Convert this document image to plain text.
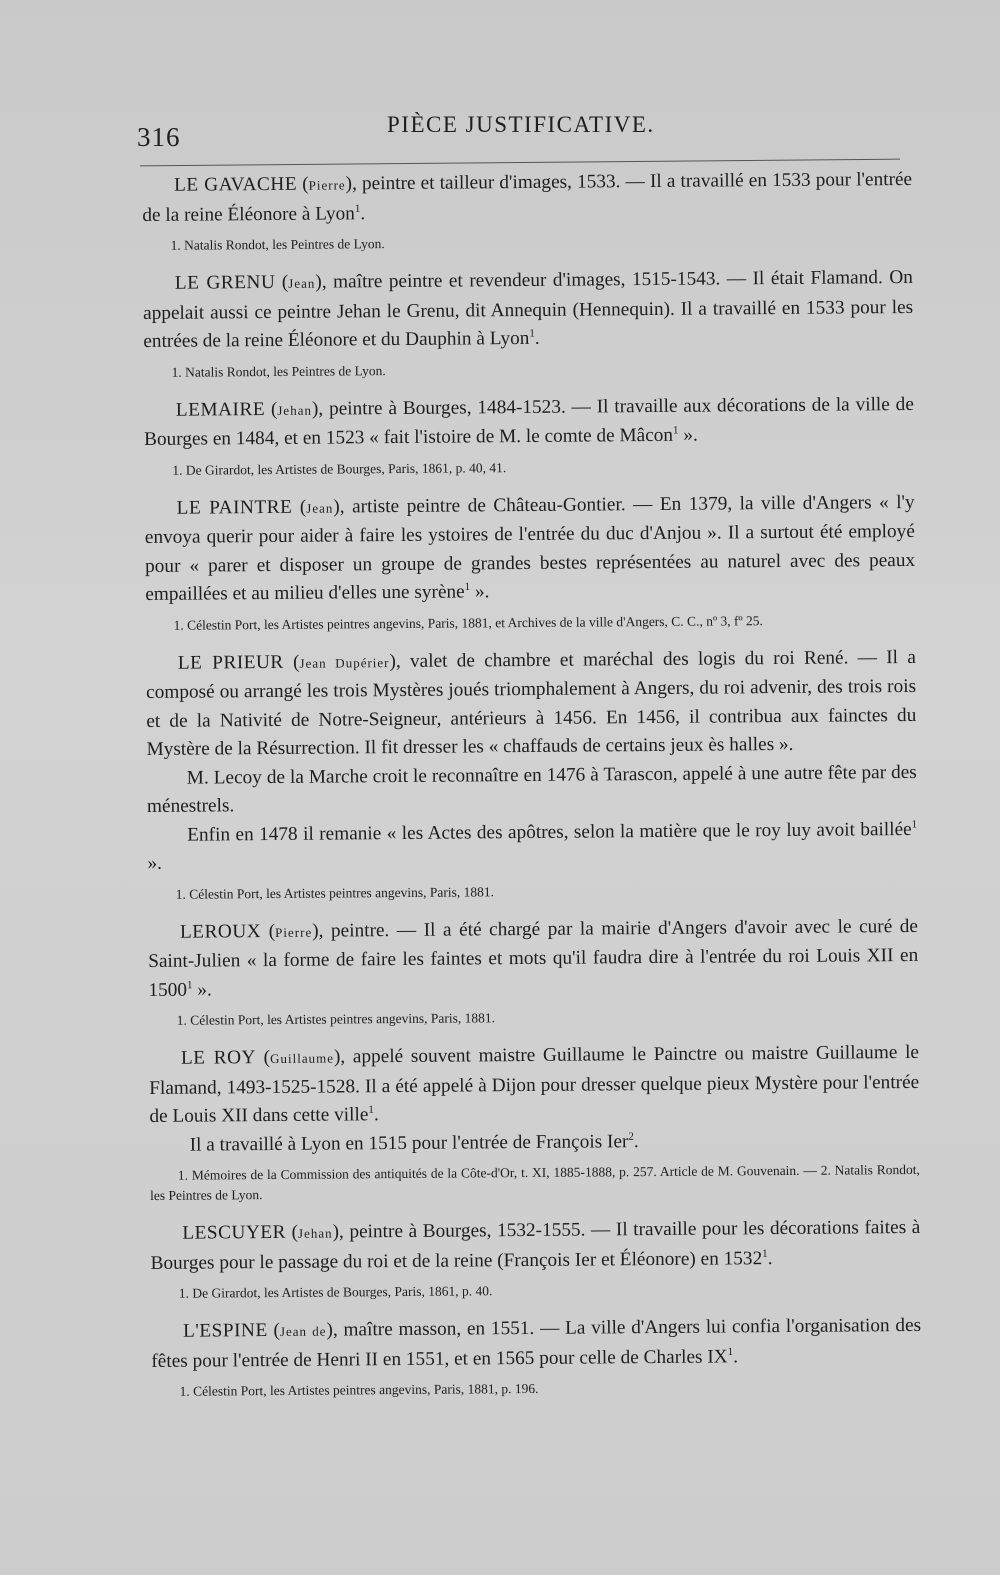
316	PIÈCE JUSTIFICATIVE.

LE GAVACHE (Pierre), peintre et tailleur d'images, 1533. — Il a travaillé en 1533 pour l'entrée de la reine Éléonore à Lyon$^1$.

1. Natalis Rondot, les Peintres de Lyon.

LE GRENU (Jean), maître peintre et revendeur d'images, 1515-1543. — Il était Flamand. On appelait aussi ce peintre Jehan le Grenu, dit Annequin (Hennequin). Il a travaillé en 1533 pour les entrées de la reine Éléonore et du Dauphin à Lyon$^1$.

1. Natalis Rondot, les Peintres de Lyon.

LEMAIRE (Jehan), peintre à Bourges, 1484-1523. — Il travaille aux décorations de la ville de Bourges en 1484, et en 1523 « fait l'istoire de M. le comte de Mâcon$^1$ ».

1. De Girardot, les Artistes de Bourges, Paris, 1861, p. 40, 41.

LE PAINTRE (Jean), artiste peintre de Château-Gontier. — En 1379, la ville d'Angers « l'y envoya querir pour aider à faire les ystoires de l'entrée du duc d'Anjou ». Il a surtout été employé pour « parer et disposer un groupe de grandes bestes représentées au naturel avec des peaux empaillées et au milieu d'elles une syrène$^1$ ».

1. Célestin Port, les Artistes peintres angevins, Paris, 1881, et Archives de la ville d'Angers, C. C., nº 3, fº 25.

LE PRIEUR (Jean Dupérier), valet de chambre et maréchal des logis du roi René. — Il a composé ou arrangé les trois Mystères joués triomphalement à Angers, du roi advenir, des trois rois et de la Nativité de Notre-Seigneur, antérieurs à 1456. En 1456, il contribua aux fainctes du Mystère de la Résurrection. Il fit dresser les « chaffauds de certains jeux ès halles ».

M. Lecoy de la Marche croit le reconnaître en 1476 à Tarascon, appelé à une autre fête par des ménestrels.

Enfin en 1478 il remanie « les Actes des apôtres, selon la matière que le roy luy avoit baillée$^1$ ».

1. Célestin Port, les Artistes peintres angevins, Paris, 1881.

LEROUX (Pierre), peintre. — Il a été chargé par la mairie d'Angers d'avoir avec le curé de Saint-Julien « la forme de faire les faintes et mots qu'il faudra dire à l'entrée du roi Louis XII en 1500$^1$ ».

1. Célestin Port, les Artistes peintres angevins, Paris, 1881.

LE ROY (Guillaume), appelé souvent maistre Guillaume le Painctre ou maistre Guillaume le Flamand, 1493-1525-1528. Il a été appelé à Dijon pour dresser quelque pieux Mystère pour l'entrée de Louis XII dans cette ville$^1$.

Il a travaillé à Lyon en 1515 pour l'entrée de François Ier$^2$.

1. Mémoires de la Commission des antiquités de la Côte-d'Or, t. XI, 1885-1888, p. 257. Article de M. Gouvenain. — 2. Natalis Rondot, les Peintres de Lyon.

LESCUYER (Jehan), peintre à Bourges, 1532-1555. — Il travaille pour les décorations faites à Bourges pour le passage du roi et de la reine (François Ier et Éléonore) en 1532$^1$.

1. De Girardot, les Artistes de Bourges, Paris, 1861, p. 40.

L'ESPINE (Jean de), maître masson, en 1551. — La ville d'Angers lui confia l'organisation des fêtes pour l'entrée de Henri II en 1551, et en 1565 pour celle de Charles $IX^1$.

1. Célestin Port, les Artistes peintres angevins, Paris, 1881, p. 196.
